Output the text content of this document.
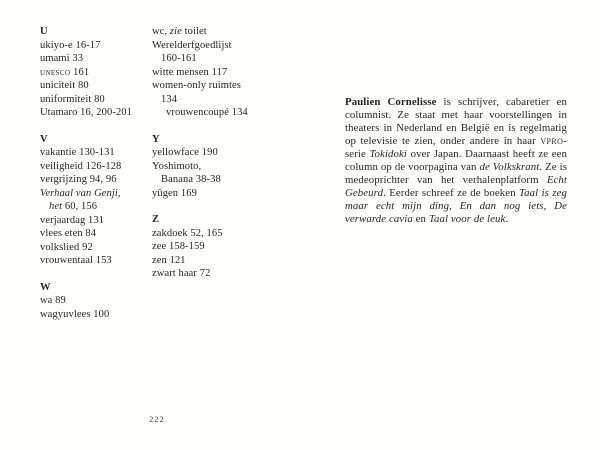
U
ukiyo-e 16-17
umami 33
unesco 161
uniciteit 80
uniformiteit 80
Utamaro 16, 200-201
V
vakantie 130-131
veiligheid 126-128
vergrijzing 94, 96
Verhaal van Genji,
het 60, 156
verjaardag 131
vlees eten 84
volkslied 92
vrouwentaal 153
W
wa 89
wagyuvlees 100
wc, zie toilet
Werelderfgoedlijst
160-161
witte mensen 117
women-only ruimtes
134
vrouwencoupé 134
Y
yellowface 190
Yoshimoto,
Banana 38-38
yūgen 169
Z
zakdoek 52, 165
zee 158-159
zen 121
zwart haar 72
222
Paulien Cornelisse is schrijver, cabaretier en columnist. Ze staat met haar voorstellingen in theaters in Nederland en België en is regelmatig op televisie te zien, onder andere in haar vpro-serie Tokidoki over Japan. Daarnaast heeft ze een column op de voorpagina van de Volkskrant. Ze is medeoprichter van het verhalenplatform Echt Gebeurd. Eerder schreef ze de boeken Taal is zeg maar echt mijn ding, En dan nog iets, De verwarde cavia en Taal voor de leuk.
